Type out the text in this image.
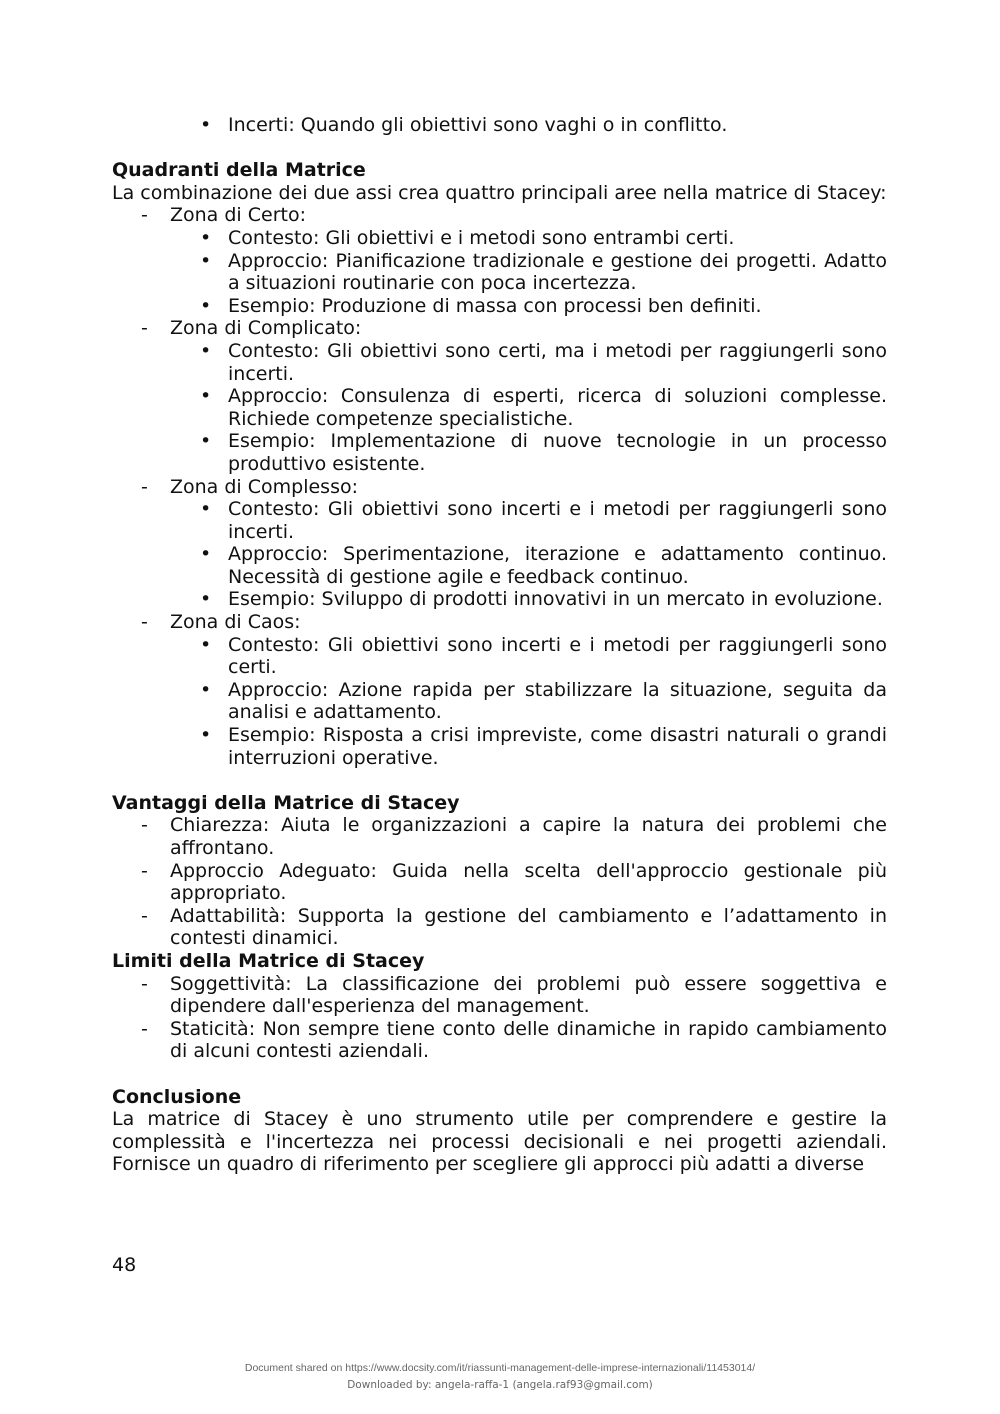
• Incerti: Quando gli obiettivi sono vaghi o in conflitto.
Quadranti della Matrice
La combinazione dei due assi crea quattro principali aree nella matrice di Stacey:
- Zona di Certo:
• Contesto: Gli obiettivi e i metodi sono entrambi certi.
• Approccio: Pianificazione tradizionale e gestione dei progetti. Adatto a situazioni routinarie con poca incertezza.
• Esempio: Produzione di massa con processi ben definiti.
- Zona di Complicato:
• Contesto: Gli obiettivi sono certi, ma i metodi per raggiungerli sono incerti.
• Approccio: Consulenza di esperti, ricerca di soluzioni complesse. Richiede competenze specialistiche.
• Esempio: Implementazione di nuove tecnologie in un processo produttivo esistente.
- Zona di Complesso:
• Contesto: Gli obiettivi sono incerti e i metodi per raggiungerli sono incerti.
• Approccio: Sperimentazione, iterazione e adattamento continuo. Necessità di gestione agile e feedback continuo.
• Esempio: Sviluppo di prodotti innovativi in un mercato in evoluzione.
- Zona di Caos:
• Contesto: Gli obiettivi sono incerti e i metodi per raggiungerli sono certi.
• Approccio: Azione rapida per stabilizzare la situazione, seguita da analisi e adattamento.
• Esempio: Risposta a crisi impreviste, come disastri naturali o grandi interruzioni operative.
Vantaggi della Matrice di Stacey
- Chiarezza: Aiuta le organizzazioni a capire la natura dei problemi che affrontano.
- Approccio Adeguato: Guida nella scelta dell'approccio gestionale più appropriato.
- Adattabilità: Supporta la gestione del cambiamento e l’adattamento in contesti dinamici.
Limiti della Matrice di Stacey
- Soggettività: La classificazione dei problemi può essere soggettiva e dipendere dall'esperienza del management.
- Staticità: Non sempre tiene conto delle dinamiche in rapido cambiamento di alcuni contesti aziendali.
Conclusione
La matrice di Stacey è uno strumento utile per comprendere e gestire la complessità e l'incertezza nei processi decisionali e nei progetti aziendali. Fornisce un quadro di riferimento per scegliere gli approcci più adatti a diverse
48
Document shared on https://www.docsity.com/it/riassunti-management-delle-imprese-internazionali/11453014/
Downloaded by: angela-raffa-1 (angela.raf93@gmail.com)
